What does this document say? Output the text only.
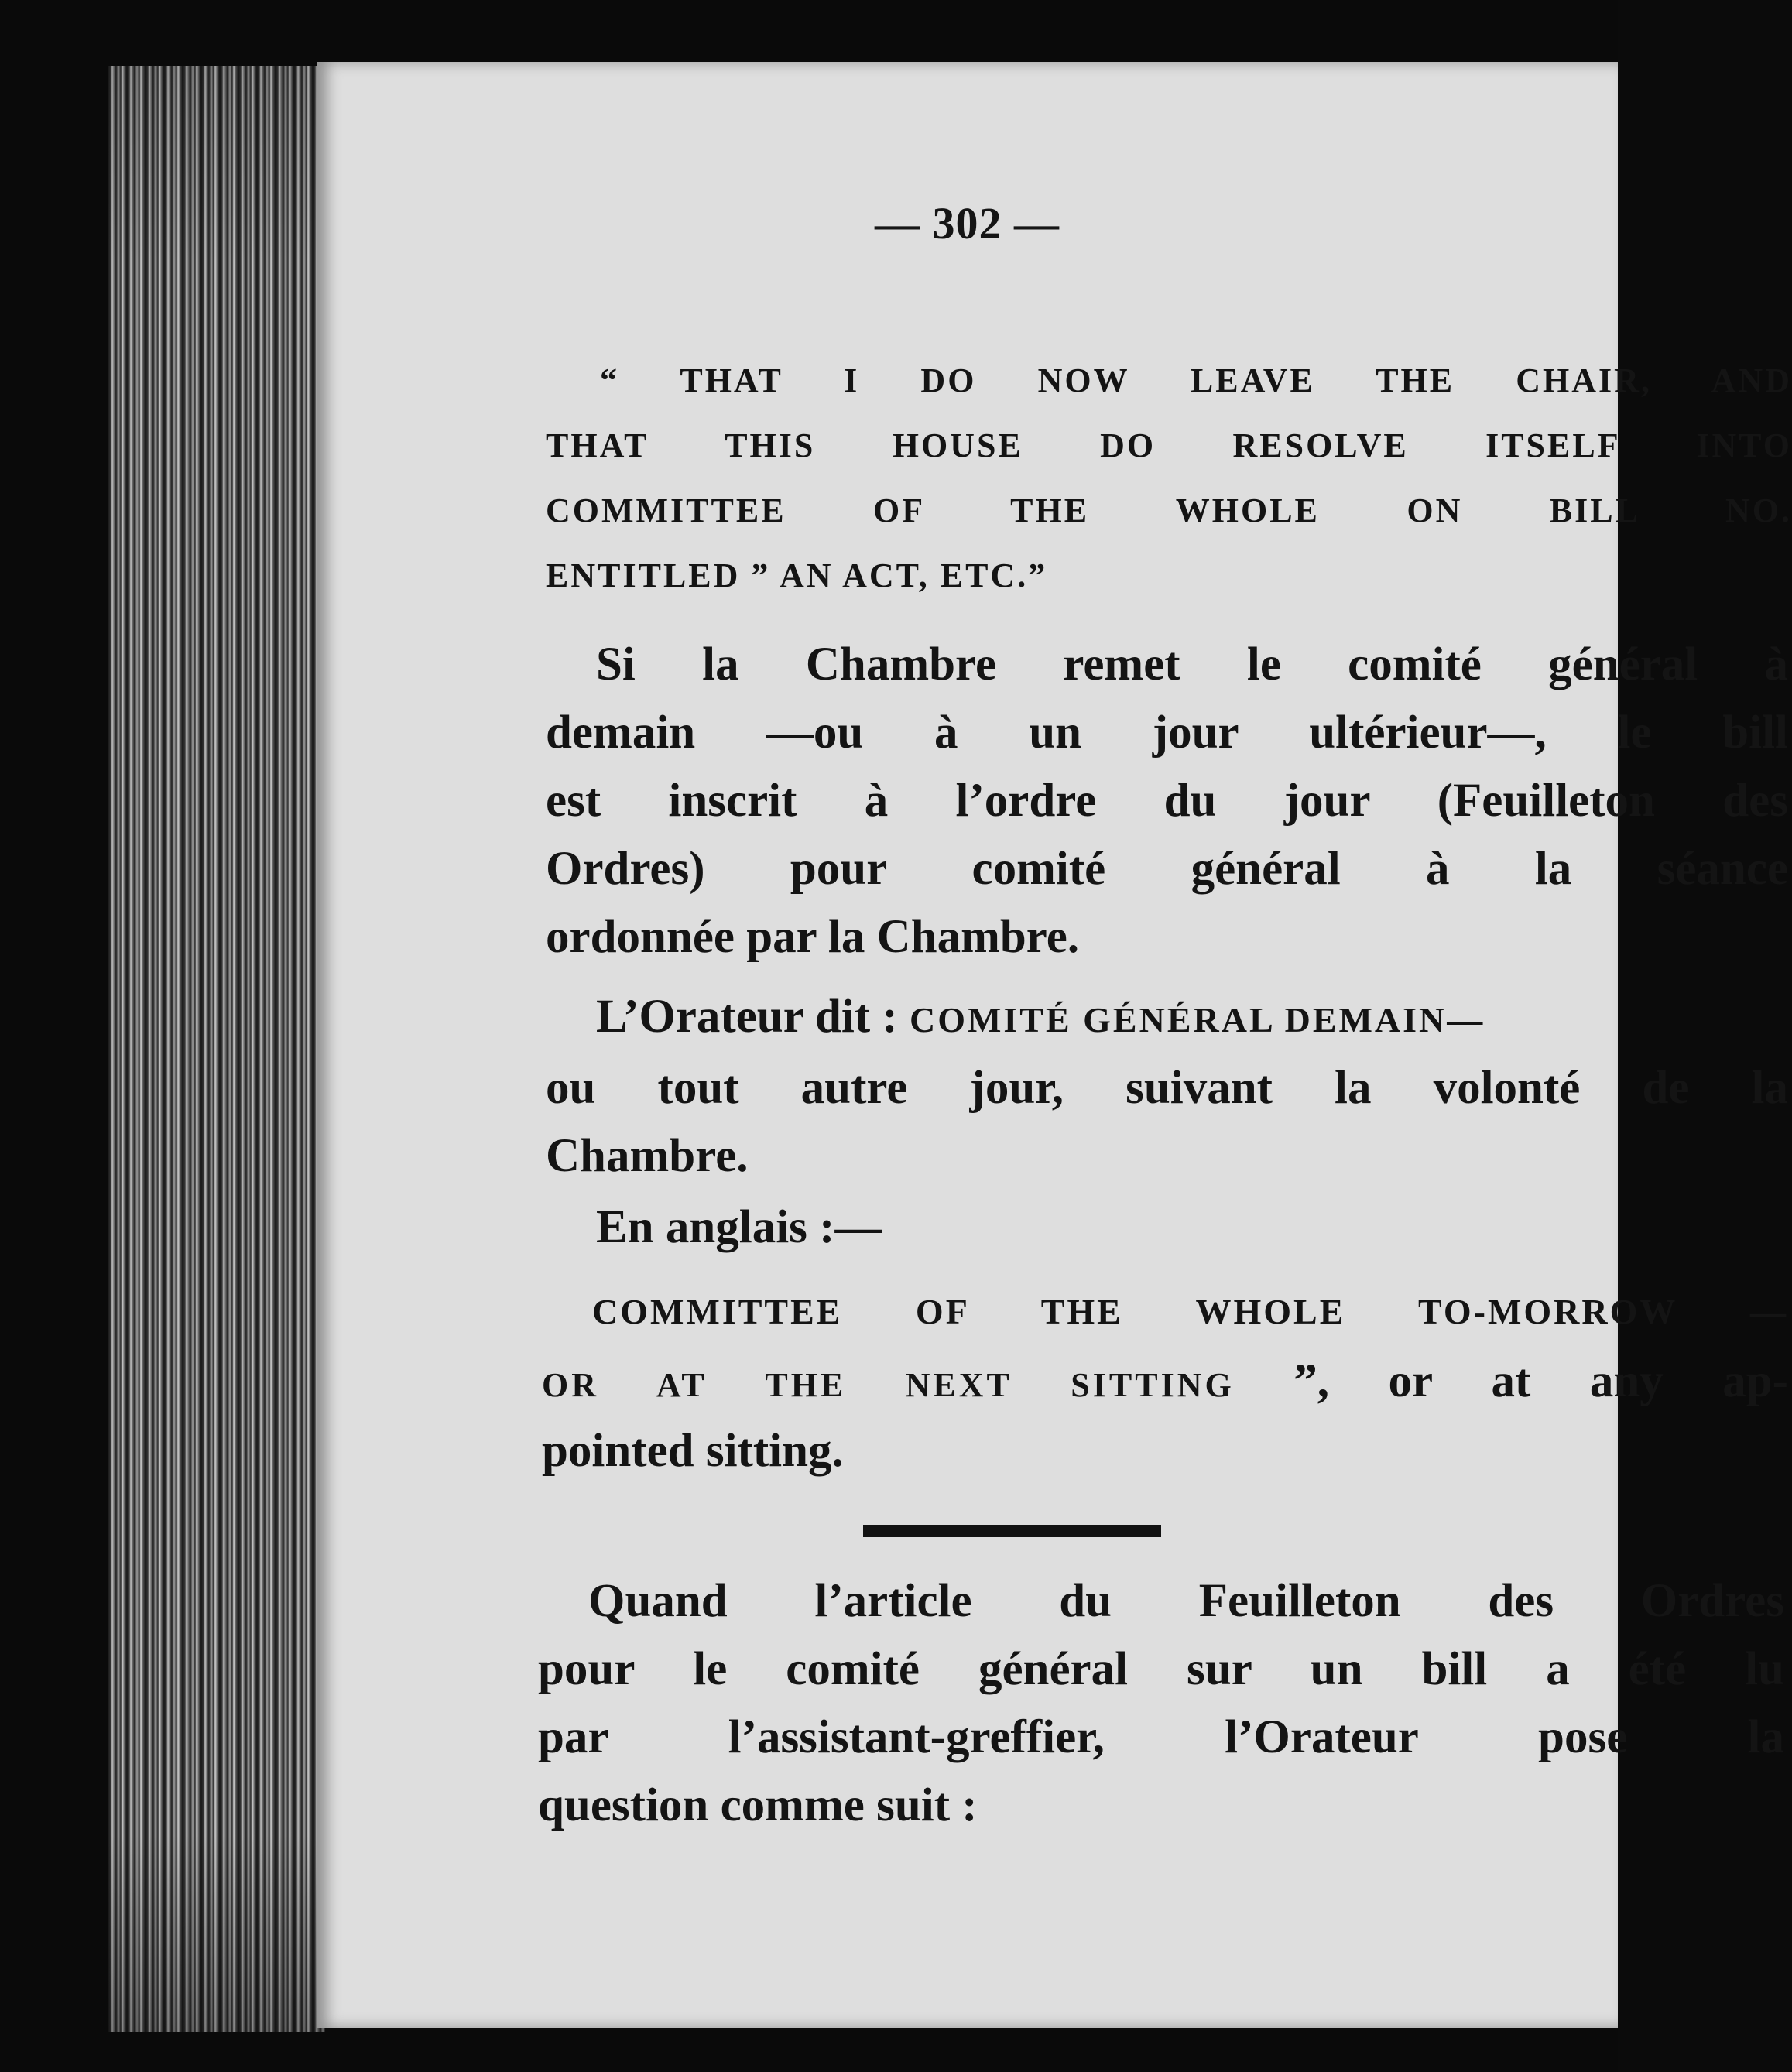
— 302 —

“ THAT I DO NOW LEAVE THE CHAIR, AND

THAT THIS HOUSE DO RESOLVE ITSELF INTO

COMMITTEE OF THE WHOLE ON BILL NO.

ENTITLED ” AN ACT, ETC.”

Si la Chambre remet le comité général à

demain —ou à un jour ultérieur—, le bill

est inscrit à l’ordre du jour (Feuilleton des

Ordres) pour comité général à la séance

ordonnée par la Chambre.

L’Orateur dit : COMITÉ GÉNÉRAL DEMAIN—

ou tout autre jour, suivant la volonté de la

Chambre.

En anglais :—

COMMITTEE OF THE WHOLE TO-MORROW —

OR AT THE NEXT SITTING ”, or at any ap-

pointed sitting.

Quand l’article du Feuilleton des Ordres

pour le comité général sur un bill a été lu

par l’assistant-greffier, l’Orateur pose la

question comme suit :
